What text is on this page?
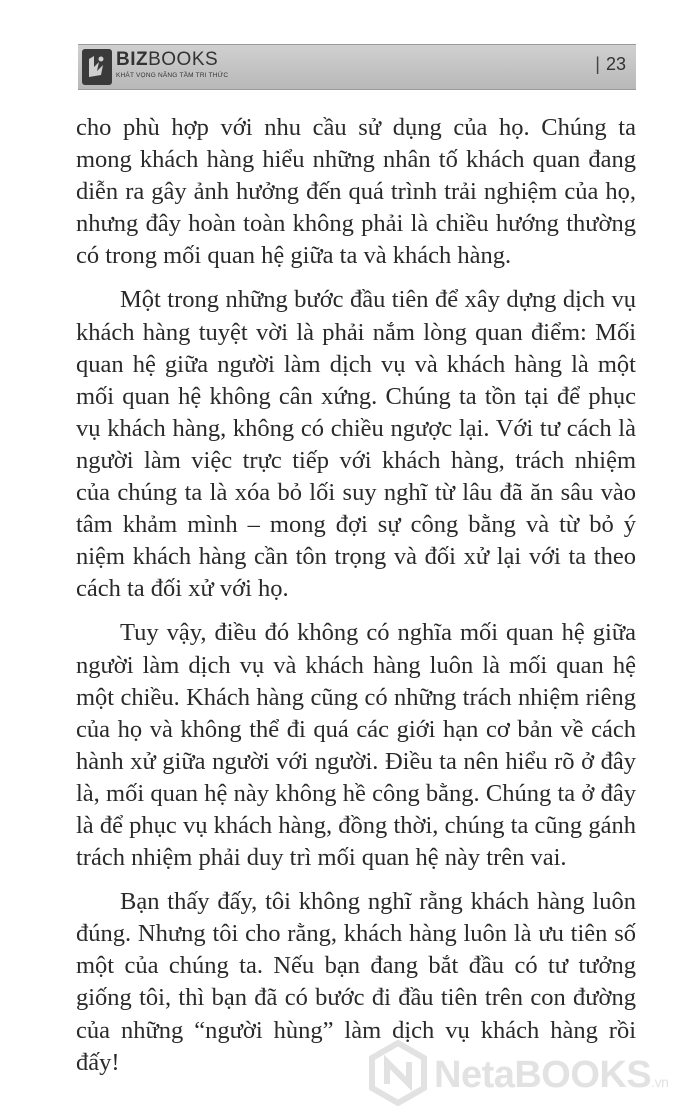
BIZBOOKS
KHÁT VỌNG NÂNG TẦM TRI THỨC
| 23

cho phù hợp với nhu cầu sử dụng của họ. Chúng ta mong khách hàng hiểu những nhân tố khách quan đang diễn ra gây ảnh hưởng đến quá trình trải nghiệm của họ, nhưng đây hoàn toàn không phải là chiều hướng thường có trong mối quan hệ giữa ta và khách hàng.

Một trong những bước đầu tiên để xây dựng dịch vụ khách hàng tuyệt vời là phải nắm lòng quan điểm: Mối quan hệ giữa người làm dịch vụ và khách hàng là một mối quan hệ không cân xứng. Chúng ta tồn tại để phục vụ khách hàng, không có chiều ngược lại. Với tư cách là người làm việc trực tiếp với khách hàng, trách nhiệm của chúng ta là xóa bỏ lối suy nghĩ từ lâu đã ăn sâu vào tâm khảm mình – mong đợi sự công bằng và từ bỏ ý niệm khách hàng cần tôn trọng và đối xử lại với ta theo cách ta đối xử với họ.

Tuy vậy, điều đó không có nghĩa mối quan hệ giữa người làm dịch vụ và khách hàng luôn là mối quan hệ một chiều. Khách hàng cũng có những trách nhiệm riêng của họ và không thể đi quá các giới hạn cơ bản về cách hành xử giữa người với người. Điều ta nên hiểu rõ ở đây là, mối quan hệ này không hề công bằng. Chúng ta ở đây là để phục vụ khách hàng, đồng thời, chúng ta cũng gánh trách nhiệm phải duy trì mối quan hệ này trên vai.

Bạn thấy đấy, tôi không nghĩ rằng khách hàng luôn đúng. Nhưng tôi cho rằng, khách hàng luôn là ưu tiên số một của chúng ta. Nếu bạn đang bắt đầu có tư tưởng giống tôi, thì bạn đã có bước đi đầu tiên trên con đường của những “người hùng” làm dịch vụ khách hàng rồi đấy!	NetaBOOKS.vn
